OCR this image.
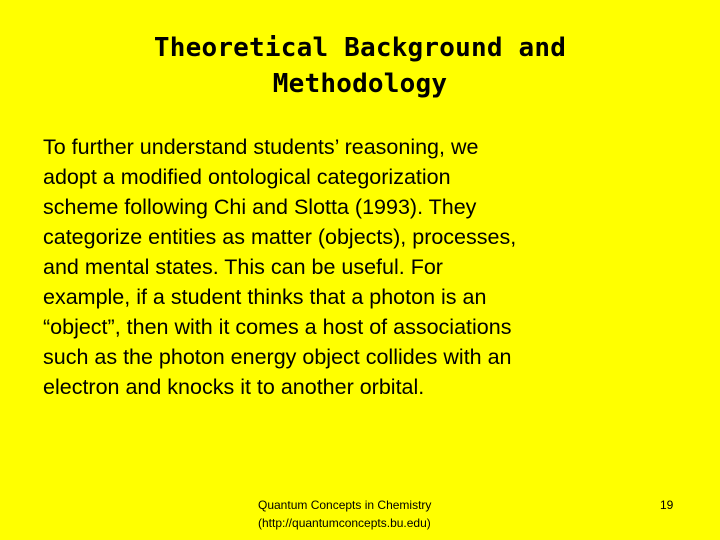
Theoretical Background and
Methodology
To further understand students’ reasoning, we
adopt a modified ontological categorization
scheme following Chi and Slotta (1993). They
categorize entities as matter (objects), processes,
and mental states. This can be useful. For
example, if a student thinks that a photon is an
“object”, then with it comes a host of associations
such as the photon energy object collides with an
electron and knocks it to another orbital.
Quantum Concepts in Chemistry
(http://quantumconcepts.bu.edu)
19
